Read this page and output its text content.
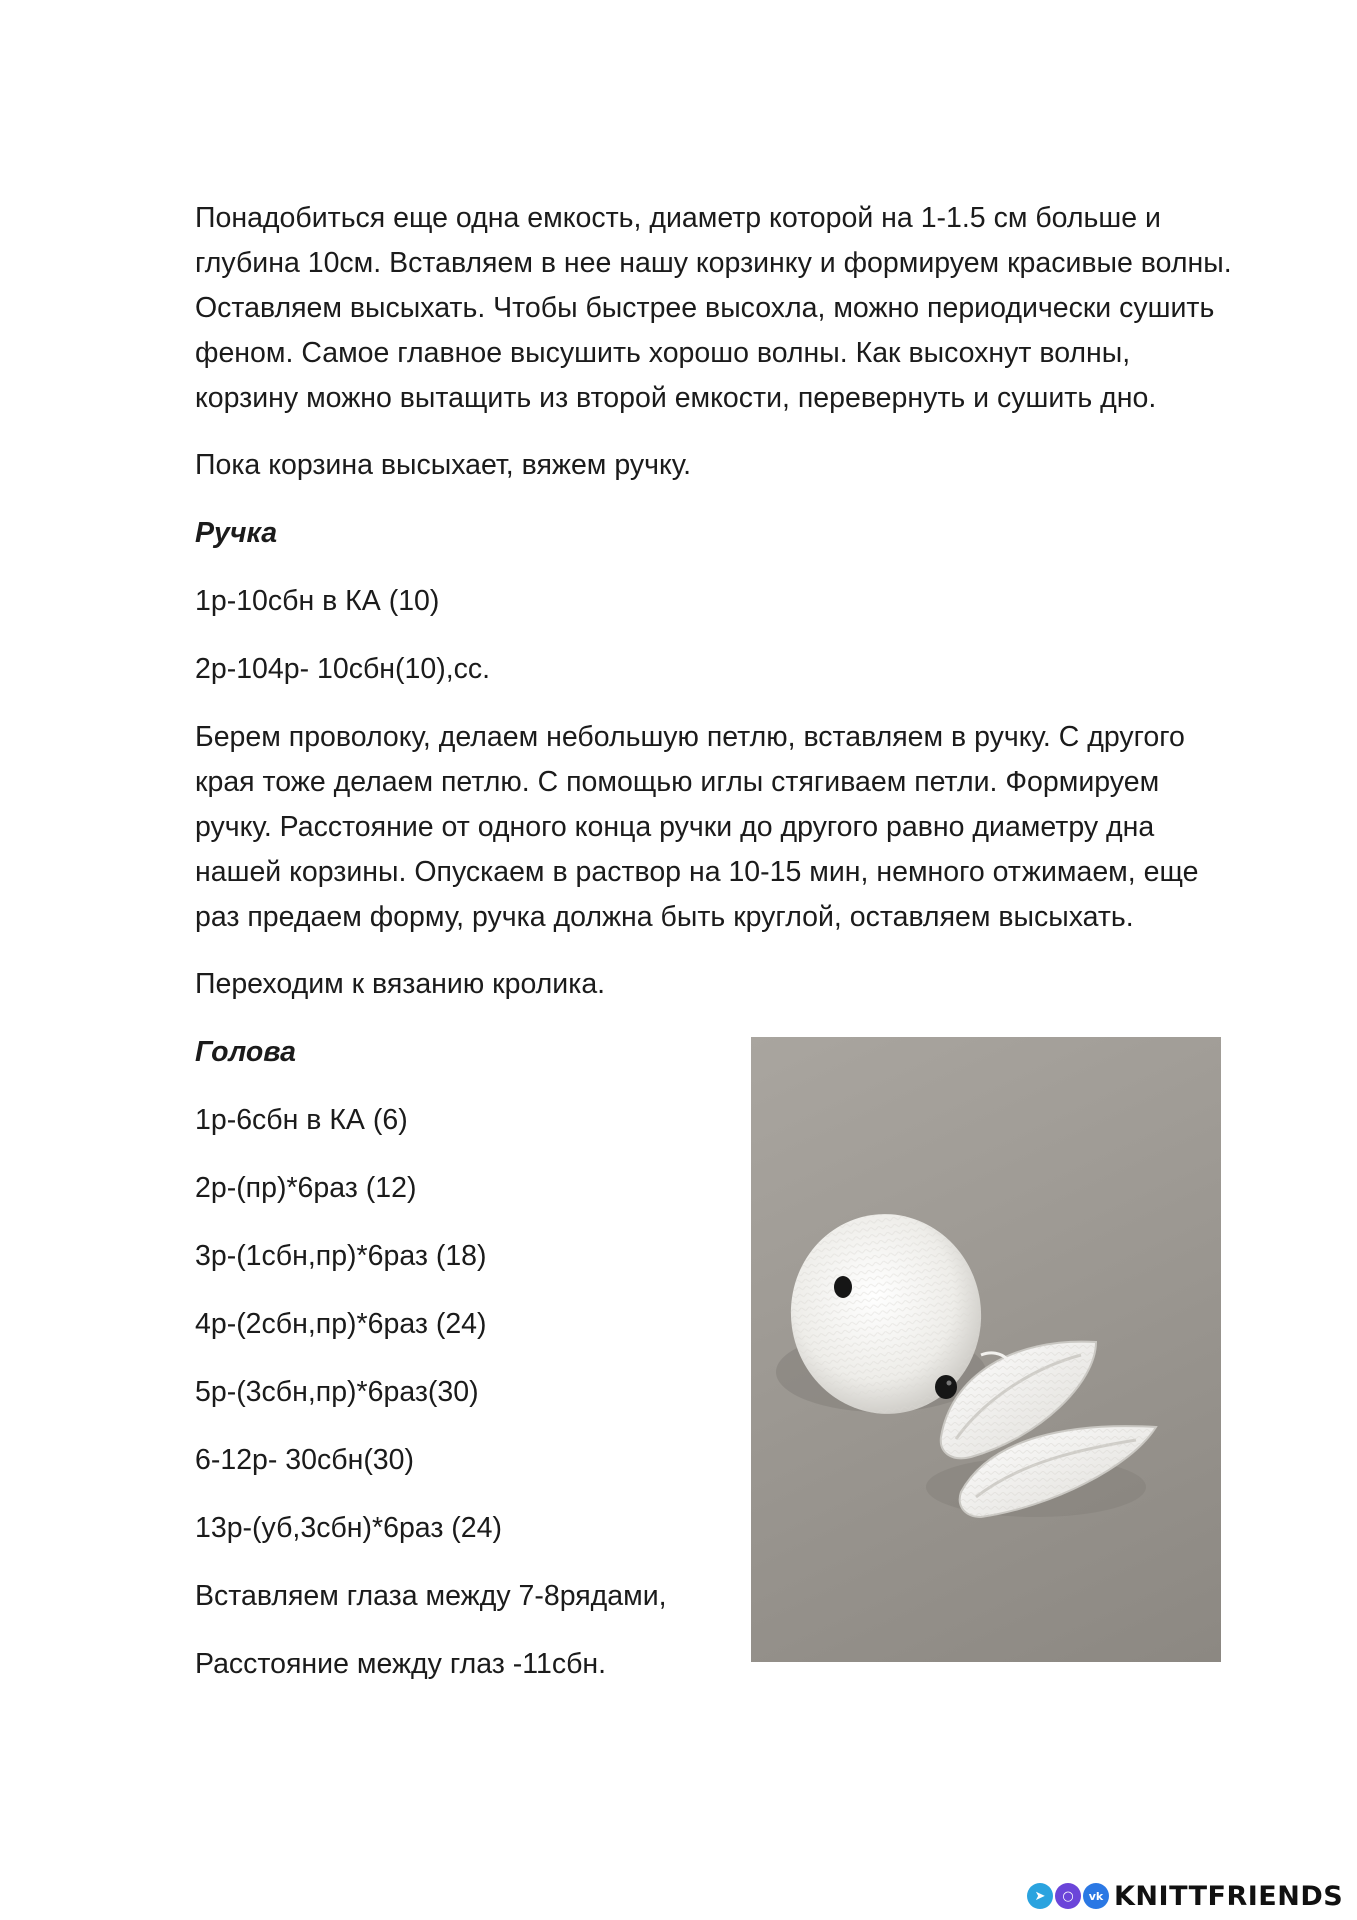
Понадобиться еще одна емкость, диаметр которой на 1-1.5 см больше и
глубина 10см. Вставляем в нее нашу корзинку и формируем красивые волны.
Оставляем высыхать. Чтобы быстрее высохла, можно периодически сушить
феном. Самое главное высушить хорошо волны. Как высохнут волны,
корзину можно вытащить из второй емкости, перевернуть и сушить дно.

Пока корзина высыхает, вяжем ручку.

Ручка

1р-10сбн в КА (10)

2р-104р- 10сбн(10),сс.

Берем проволоку, делаем небольшую петлю, вставляем в ручку. С другого
края тоже делаем петлю. С помощью иглы стягиваем петли. Формируем
ручку. Расстояние от одного конца ручки до другого равно диаметру дна
нашей корзины. Опускаем в раствор на 10-15 мин, немного отжимаем, еще
раз предаем форму, ручка должна быть круглой, оставляем высыхать.

Переходим к вязанию кролика.

Голова

1р-6сбн в КА (6)

2р-(пр)*6раз (12)

3р-(1сбн,пр)*6раз (18)

4р-(2сбн,пр)*6раз (24)

5р-(3сбн,пр)*6раз(30)

6-12р- 30сбн(30)

13р-(уб,3сбн)*6раз (24)

Вставляем глаза между 7-8рядами,

Расстояние между глаз -11сбн.

➤	○	vk KNITTFRIENDS
